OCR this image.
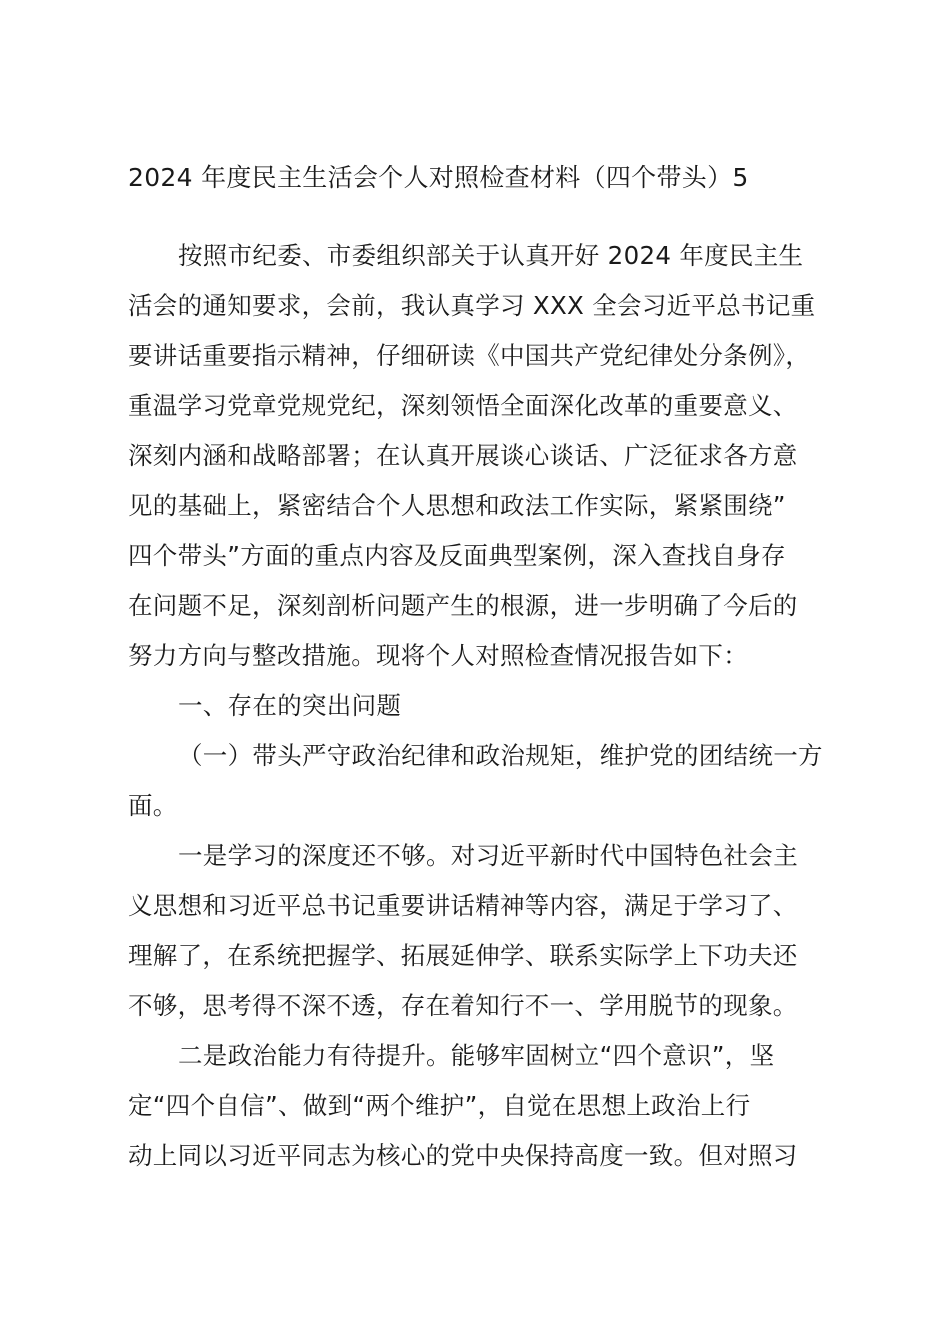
2024 年度民主生活会个人对照检查材料（四个带头）5
按照市纪委、市委组织部关于认真开好 2024 年度民主生
活会的通知要求，会前，我认真学习 XXX 全会习近平总书记重
要讲话重要指示精神，仔细研读《中国共产党纪律处分条例》，
重温学习党章党规党纪，深刻领悟全面深化改革的重要意义、
深刻内涵和战略部署；在认真开展谈心谈话、广泛征求各方意
见的基础上，紧密结合个人思想和政法工作实际，紧紧围绕”
四个带头”方面的重点内容及反面典型案例，深入查找自身存
在问题不足，深刻剖析问题产生的根源，进一步明确了今后的
努力方向与整改措施。现将个人对照检查情况报告如下：
一、存在的突出问题
（一）带头严守政治纪律和政治规矩，维护党的团结统一方
面。
一是学习的深度还不够。对习近平新时代中国特色社会主
义思想和习近平总书记重要讲话精神等内容，满足于学习了、
理解了，在系统把握学、拓展延伸学、联系实际学上下功夫还
不够，思考得不深不透，存在着知行不一、学用脱节的现象。
二是政治能力有待提升。能够牢固树立“四个意识”，坚
定“四个自信”、做到“两个维护”，自觉在思想上政治上行
动上同以习近平同志为核心的党中央保持高度一致。但对照习
